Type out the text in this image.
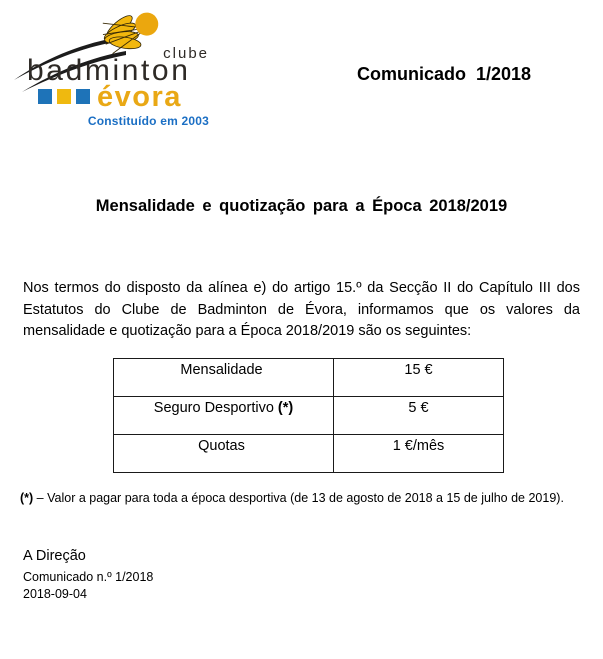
clube
badminton
évora
Constituído em 2003
Comunicado  1/2018
Mensalidade e quotização para a Época 2018/2019
Nos termos do disposto da alínea e) do artigo 15.º da Secção II do Capítulo III dos
Estatutos do Clube de Badminton de Évora, informamos que os valores da
mensalidade e quotização para a Época 2018/2019 são os seguintes:
Mensalidade	15 €
Seguro Desportivo (*)	5 €
Quotas	1 €/mês
(*) – Valor a pagar para toda a época desportiva (de 13 de agosto de 2018 a 15 de julho de 2019).
A Direção
Comunicado n.º 1/2018
2018-09-04
